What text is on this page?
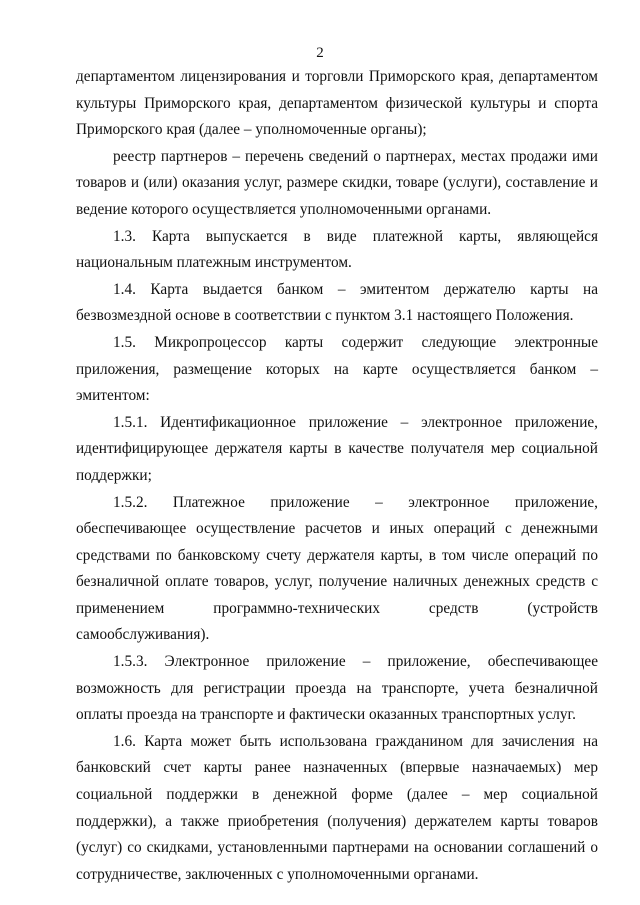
2

департаментом лицензирования и торговли Приморского края, департаментом культуры Приморского края, департаментом физической культуры и спорта Приморского края (далее – уполномоченные органы);

реестр партнеров – перечень сведений о партнерах, местах продажи ими товаров и (или) оказания услуг, размере скидки, товаре (услуги), составление и ведение которого осуществляется уполномоченными органами.

1.3. Карта выпускается в виде платежной карты, являющейся национальным платежным инструментом.

1.4. Карта выдается банком – эмитентом держателю карты на безвозмездной основе в соответствии с пунктом 3.1 настоящего Положения.

1.5. Микропроцессор карты содержит следующие электронные приложения, размещение которых на карте осуществляется банком – эмитентом:

1.5.1. Идентификационное приложение – электронное приложение, идентифицирующее держателя карты в качестве получателя мер социальной поддержки;

1.5.2. Платежное приложение – электронное приложение, обеспечивающее осуществление расчетов и иных операций с денежными средствами по банковскому счету держателя карты, в том числе операций по безналичной оплате товаров, услуг, получение наличных денежных средств с применением программно-технических средств (устройств самообслуживания).

1.5.3. Электронное приложение – приложение, обеспечивающее возможность для регистрации проезда на транспорте, учета безналичной оплаты проезда на транспорте и фактически оказанных транспортных услуг.

1.6. Карта может быть использована гражданином для зачисления на банковский счет карты ранее назначенных (впервые назначаемых) мер социальной поддержки в денежной форме (далее – мер социальной поддержки), а также приобретения (получения) держателем карты товаров (услуг) со скидками, установленными партнерами на основании соглашений о сотрудничестве, заключенных с уполномоченными органами.
